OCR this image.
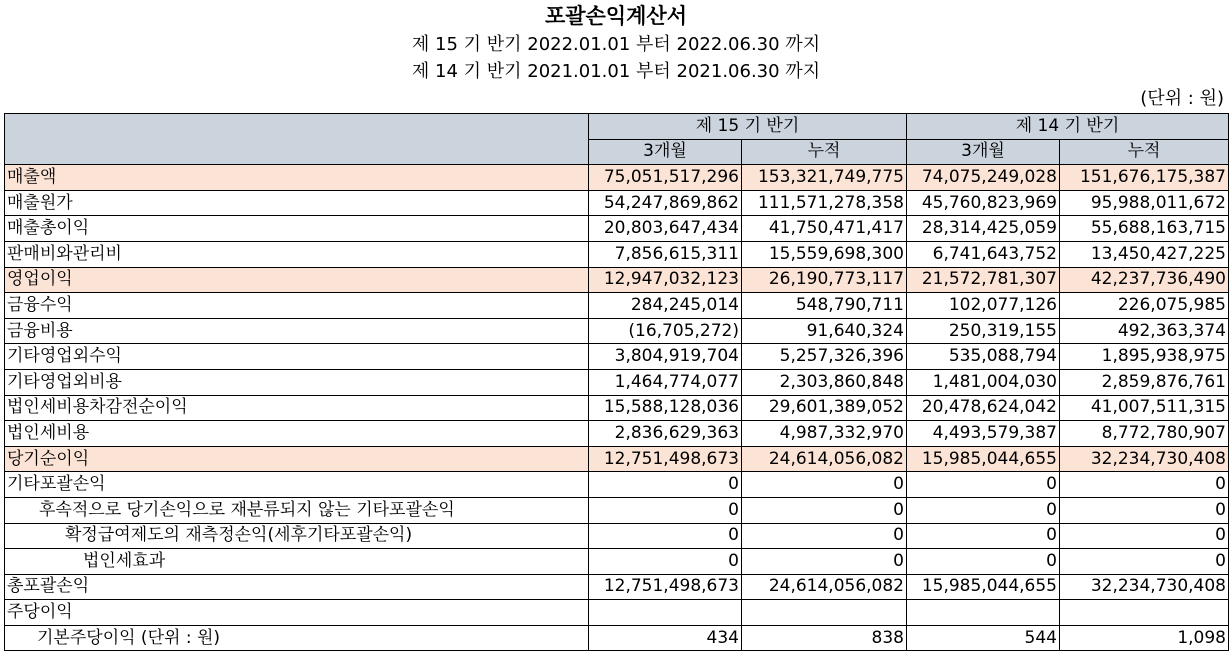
포괄손익계산서
제 15 기 반기 2022.01.01 부터 2022.06.30 까지
제 14 기 반기 2021.01.01 부터 2021.06.30 까지
(단위 : 원)
	제 15 기 반기		제 14 기 반기	
	3개월	누적	3개월	누적
매출액	75,051,517,296	153,321,749,775	74,075,249,028	151,676,175,387
매출원가	54,247,869,862	111,571,278,358	45,760,823,969	95,988,011,672
매출총이익	20,803,647,434	41,750,471,417	28,314,425,059	55,688,163,715
판매비와관리비	7,856,615,311	15,559,698,300	6,741,643,752	13,450,427,225
영업이익	12,947,032,123	26,190,773,117	21,572,781,307	42,237,736,490
금융수익	284,245,014	548,790,711	102,077,126	226,075,985
금융비용	(16,705,272)	91,640,324	250,319,155	492,363,374
기타영업외수익	3,804,919,704	5,257,326,396	535,088,794	1,895,938,975
기타영업외비용	1,464,774,077	2,303,860,848	1,481,004,030	2,859,876,761
법인세비용차감전순이익	15,588,128,036	29,601,389,052	20,478,624,042	41,007,511,315
법인세비용	2,836,629,363	4,987,332,970	4,493,579,387	8,772,780,907
당기순이익	12,751,498,673	24,614,056,082	15,985,044,655	32,234,730,408
기타포괄손익	0	0	0	0
후속적으로 당기손익으로 재분류되지 않는 기타포괄손익	0	0	0	0
확정급여제도의 재측정손익(세후기타포괄손익)	0	0	0	0
법인세효과	0	0	0	0
총포괄손익	12,751,498,673	24,614,056,082	15,985,044,655	32,234,730,408
주당이익				
기본주당이익 (단위 : 원)	434	838	544	1,098
